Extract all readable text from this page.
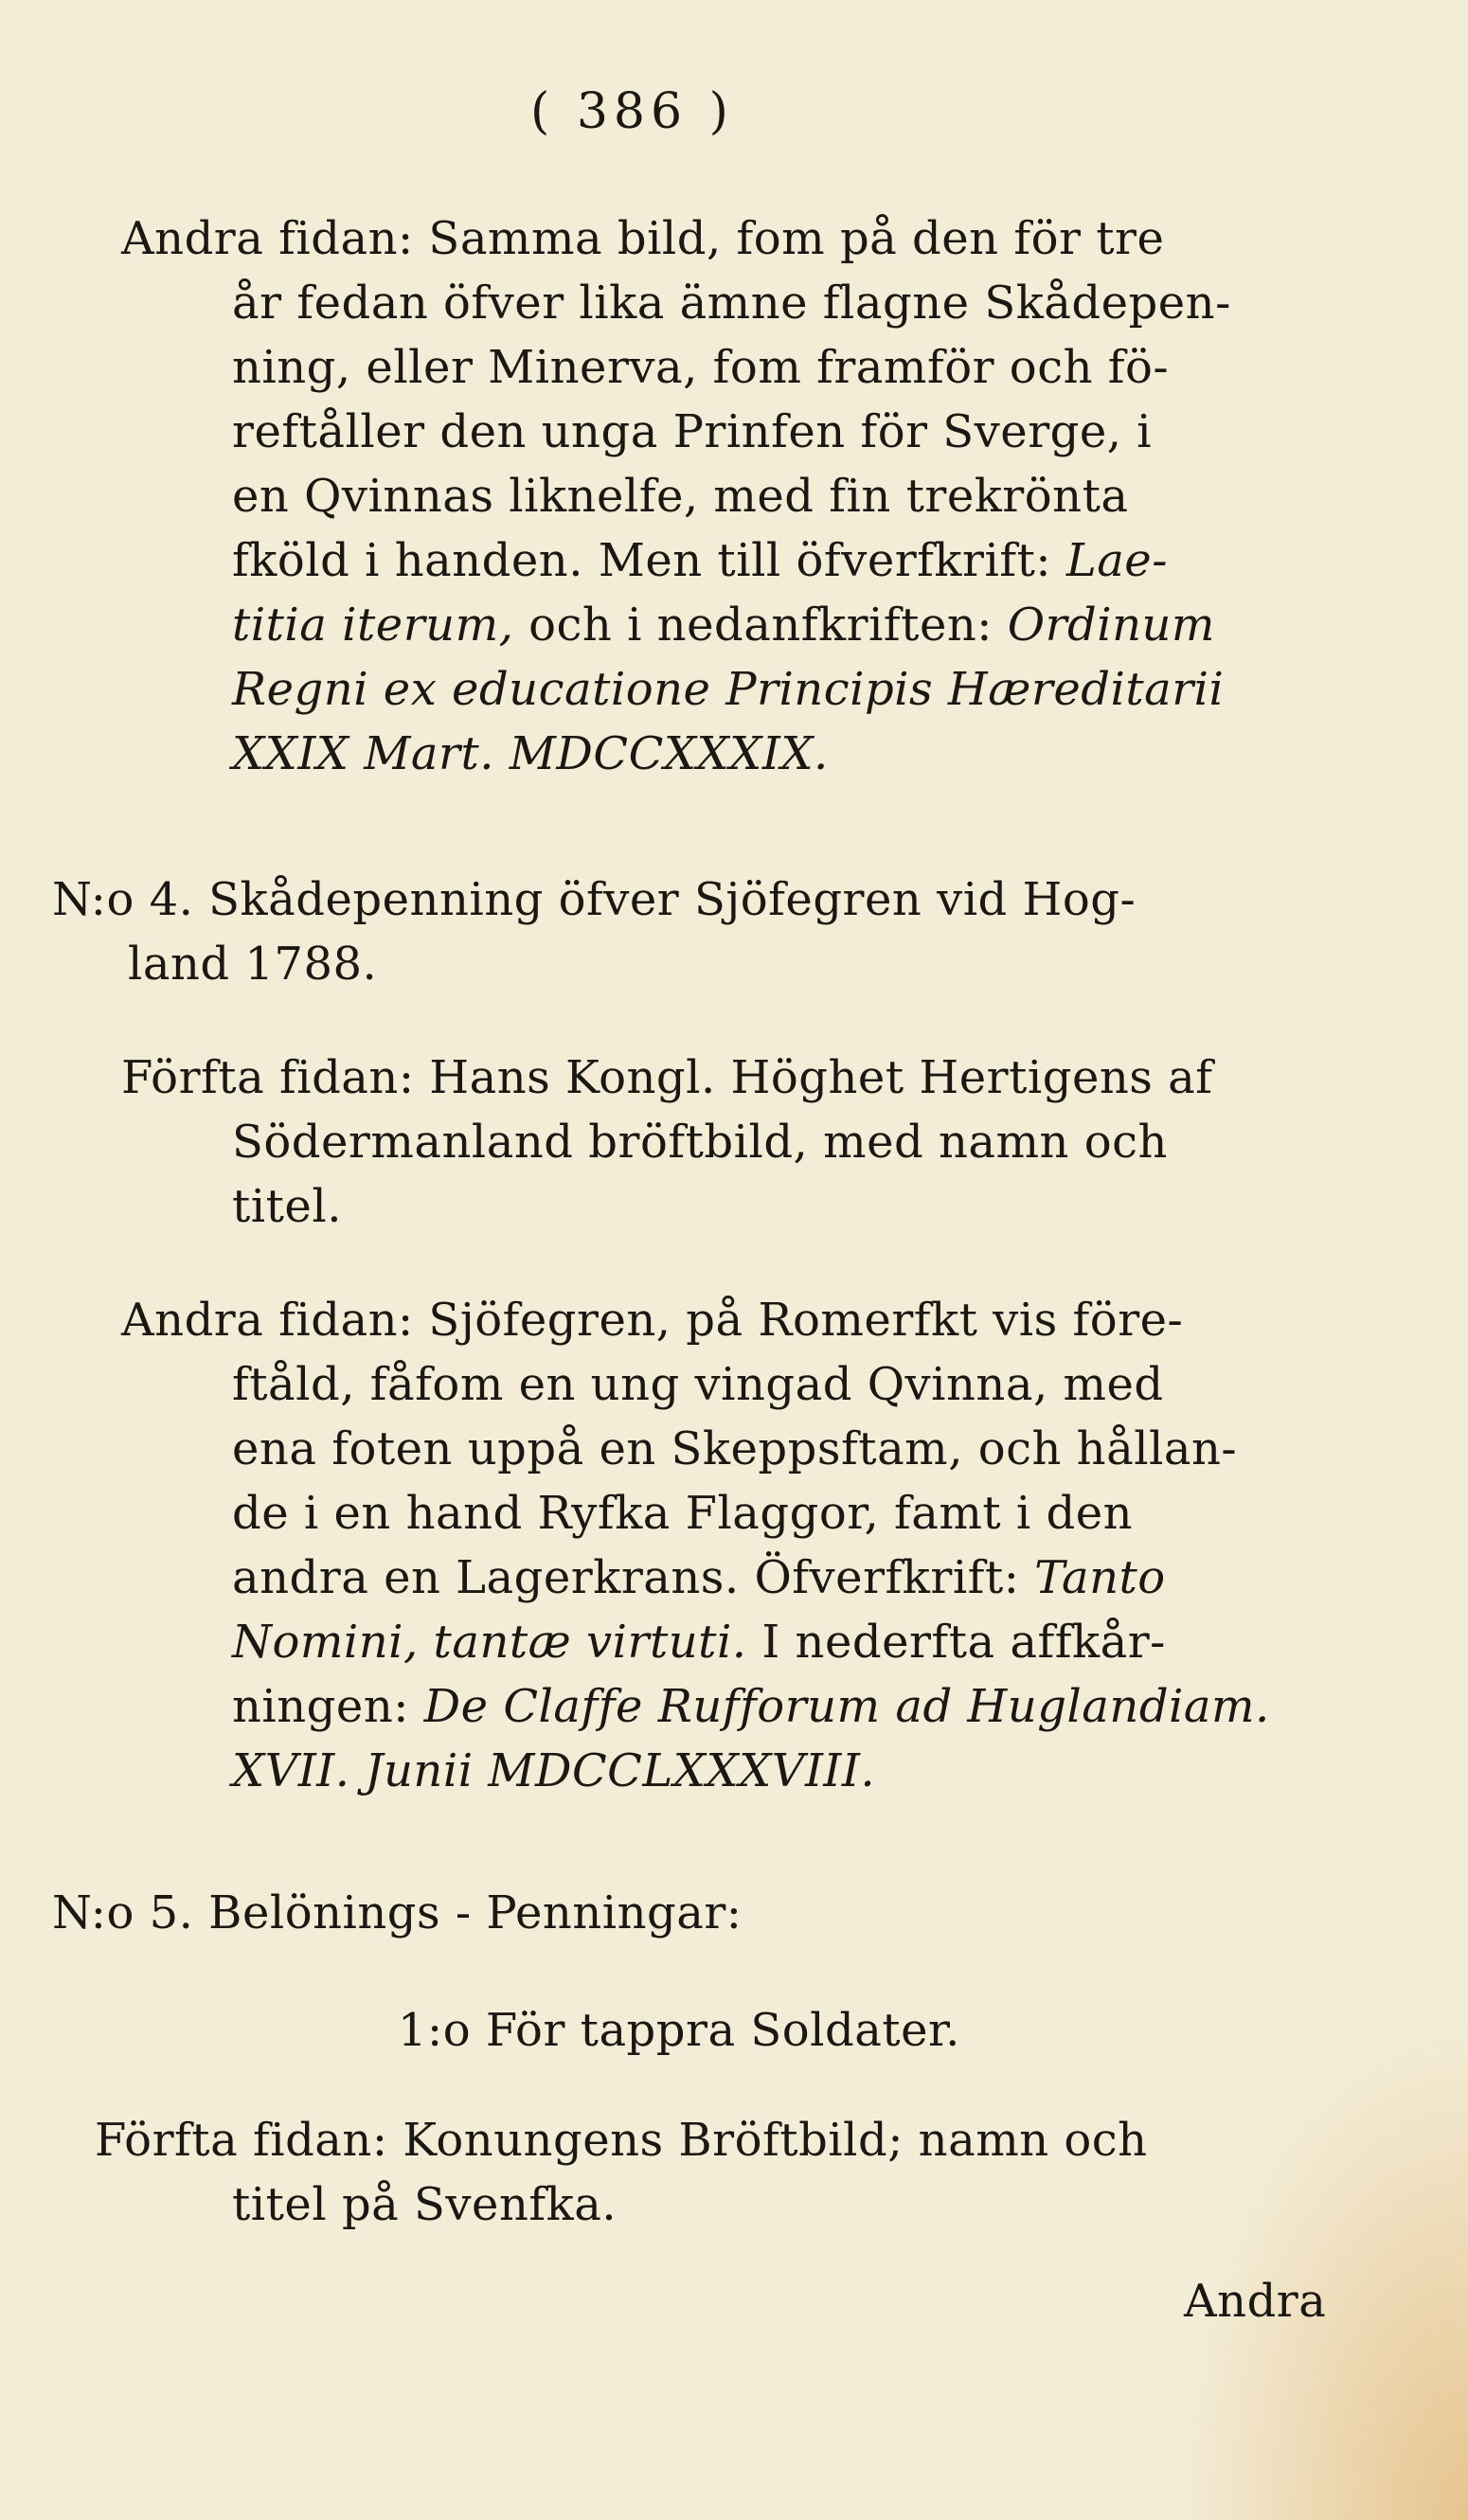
( 386 )
Andra fidan: Samma bild, fom på den för tre
år fedan öfver lika ämne flagne Skådepen-
ning, eller Minerva, fom framför och fö-
reftåller den unga Prinfen för Sverge, i
en Qvinnas liknelfe, med fin trekrönta
fköld i handen. Men till öfverfkrift: Lae-
titia iterum, och i nedanfkriften: Ordinum
Regni ex educatione Principis Hæreditarii
XXIX Mart. MDCCXXXIX.
N:o 4. Skådepenning öfver Sjöfegren vid Hog-
land 1788.
Förfta fidan: Hans Kongl. Höghet Hertigens af
Södermanland bröftbild, med namn och
titel.
Andra fidan: Sjöfegren, på Romerfkt vis före-
ftåld, fåfom en ung vingad Qvinna, med
ena foten uppå en Skeppsftam, och hållan-
de i en hand Ryfka Flaggor, famt i den
andra en Lagerkrans. Öfverfkrift: Tanto
Nomini, tantæ virtuti. I nederfta affkår-
ningen: De Claffe Rufforum ad Huglandiam.
XVII. Junii MDCCLXXXVIII.
N:o 5. Belönings - Penningar:
1:o För tappra Soldater.
Förfta fidan: Konungens Bröftbild; namn och
titel på Svenfka.
Andra
